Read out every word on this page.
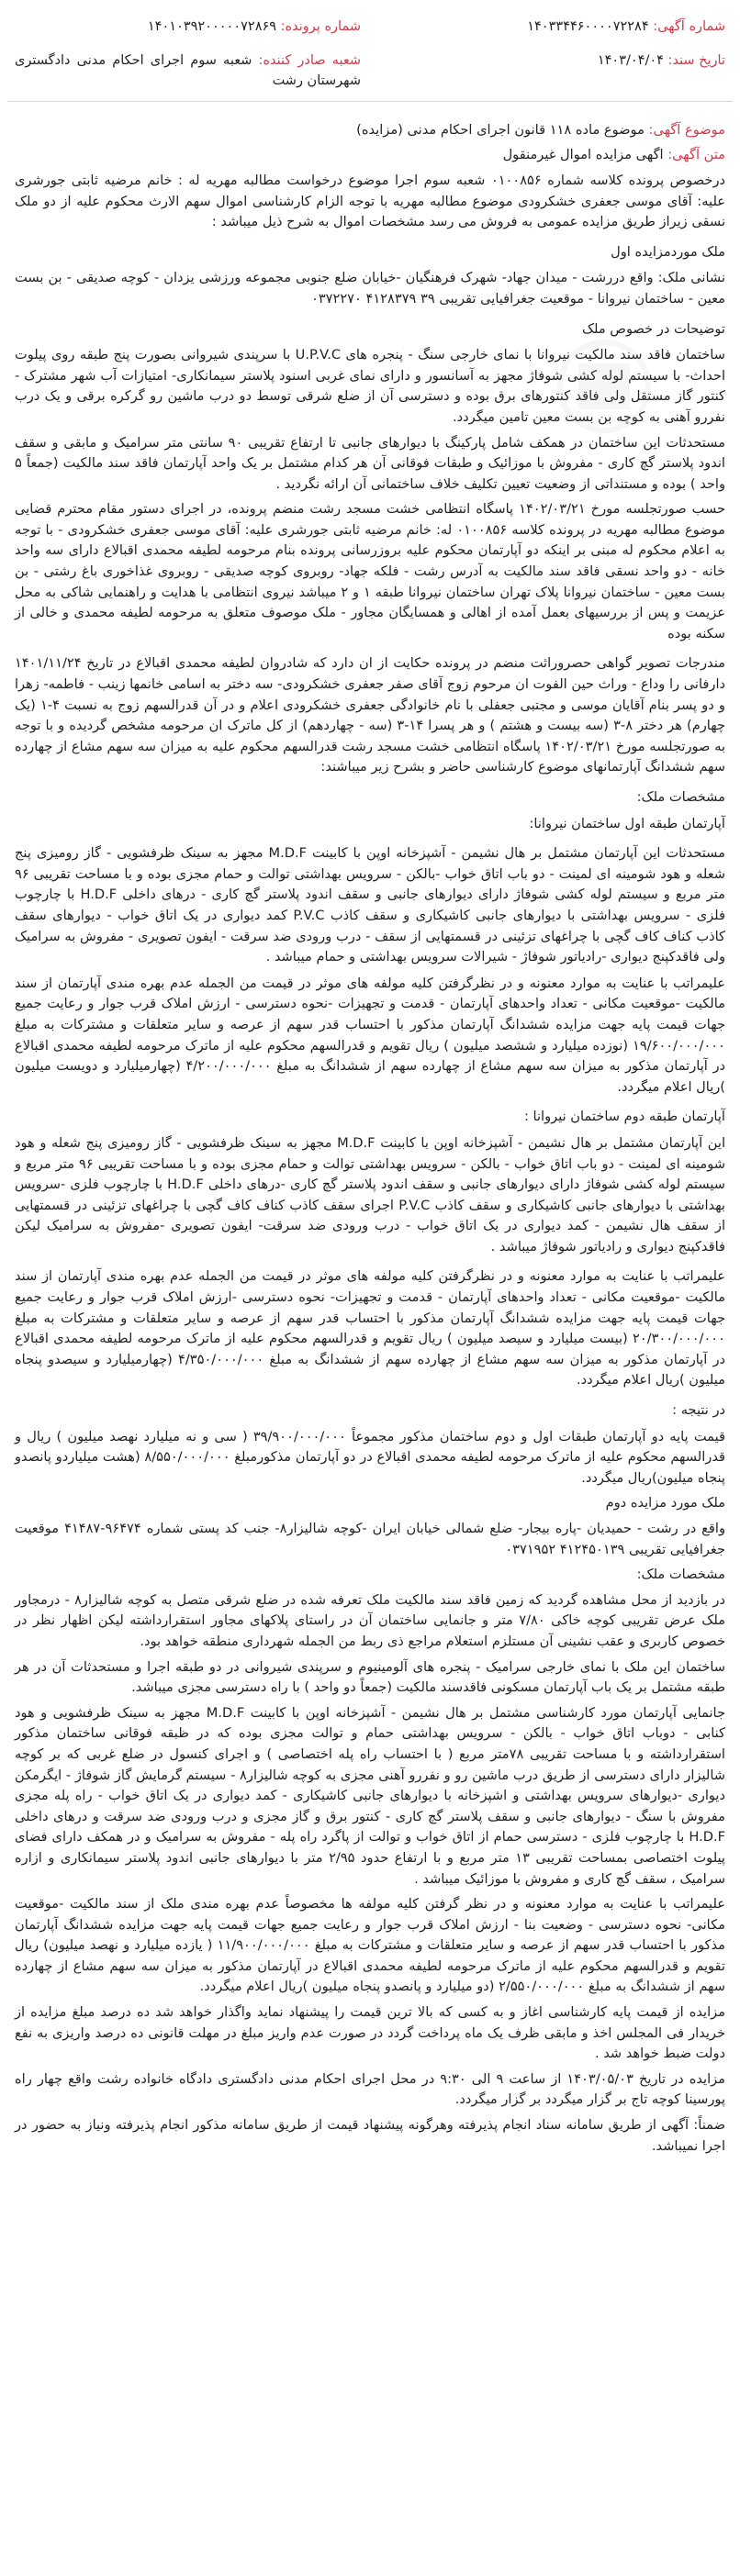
شماره آگهی: ۱۴۰۳۳۴۴۶۰۰۰۰۷۲۲۸۴
شماره پرونده: ۱۴۰۱۰۳۹۲۰۰۰۰۰۷۲۸۶۹
تاریخ سند: ۱۴۰۳/۰۴/۰۴
شعبه صادر کننده: شعبه سوم اجرای احکام مدنی دادگستری شهرستان رشت

موضوع آگهی: موضوع ماده ۱۱۸ قانون اجرای احکام مدنی (مزایده)

متن آگهی: اگهی مزایده اموال غیرمنقول

درخصوص پرونده کلاسه شماره ۰۱۰۰۸۵۶ شعبه سوم اجرا موضوع درخواست مطالبه مهریه له : خانم مرضیه ثابتی جورشری علیه: آقای موسی جعفری خشکرودی موضوع مطالبه مهریه با توجه الزام کارشناسی اموال سهم الارث محکوم علیه از دو ملک نسقی زیراز طریق مزایده عمومی به فروش می رسد مشخصات اموال به شرح ذیل میباشد :

ملک موردمزایده اول

نشانی ملک: واقع دررشت - میدان جهاد- شهرک فرهنگیان -خیابان ضلع جنوبی مجموعه ورزشی یزدان - کوچه صدیقی - بن بست معین - ساختمان نیروانا - موقعیت جغرافیایی تقریبی ۳۹ ۴۱۲۸۳۷۹ ۰۳۷۲۲۷۰

توضیحات در خصوص ملک

ساختمان فاقد سند مالکیت نیروانا با نمای خارجی سنگ - پنجره های U.P.V.C با سرپندی شیروانی بصورت پنج طبقه روی پیلوت احداث- با سیستم لوله کشی شوفاژ مجهز به آسانسور و دارای نمای غربی اسنود پلاستر سیمانکاری- امتیازات آب شهر مشترک - کنتور گاز مستقل ولی فاقد کنتورهای برق بوده و دسترسی آن از ضلع شرقی توسط دو درب ماشین رو گرکره برقی و یک درب نفررو آهنی به کوچه بن بست معین تامین میگردد.

مستحدثات این ساختمان در همکف شامل پارکینگ با دیوارهای جانبی تا ارتفاع تقریبی ۹۰ سانتی متر سرامیک و مابقی و سقف اندود پلاستر گچ کاری - مفروش با موزائیک و طبقات فوقانی آن هر کدام مشتمل بر یک واحد آپارتمان فاقد سند مالکیت (جمعاً ۵ واحد ) بوده و مستنداتی از وضعیت تعیین تکلیف خلاف ساختمانی آن ارائه نگردید .

حسب صورتجلسه مورخ ۱۴۰۲/۰۳/۲۱ پاسگاه انتظامی خشت مسجد رشت منضم پرونده، در اجرای دستور مقام محترم قضایی موضوع مطالبه مهریه در پرونده کلاسه ۰۱۰۰۸۵۶ له: خانم مرضیه ثابتی جورشری علیه: آقای موسی جعفری خشکرودی - با توجه به اعلام محکوم له مبنی بر اینکه دو آپارتمان محکوم علیه بروزرسانی پرونده بنام مرحومه لطیفه محمدی اقبالاع دارای سه واحد خانه - دو واحد نسقی فاقد سند مالکیت به آدرس رشت - فلکه جهاد- روبروی کوچه صدیقی - روبروی غذاخوری باغ رشتی - بن بست معین - ساختمان نیروانا پلاک تهران ساختمان نیروانا طبقه ۱ و ۲ میباشد نیروی انتظامی با هدایت و راهنمایی شاکی به محل عزیمت و پس از بررسیهای بعمل آمده از اهالی و همسایگان مجاور - ملک موصوف متعلق به مرحومه لطیفه محمدی و خالی از سکنه بوده

مندرجات تصویر گواهی حصروراثت منضم در پرونده حکایت از ان دارد که شادروان لطیفه محمدی اقبالاع در تاریخ ۱۴۰۱/۱۱/۲۴ دارفانی را وداع - وراث حین الفوت ان مرحوم زوج آقای صفر جعفری خشکرودی- سه دختر به اسامی خانمها زینب - فاطمه- زهرا و دو پسر بنام آقایان موسی و مجتبی جعفلی با نام خانوادگی جعفری خشکرودی اعلام و در آن قدرالسهم زوج به نسبت ۴-۱ (یک چهارم) هر دختر ۸-۳ (سه بیست و هشتم ) و هر پسرا ۱۴-۳ (سه - چهاردهم) از کل ماترک ان مرحومه مشخص گردیده و با توجه به صورتجلسه مورخ ۱۴۰۲/۰۳/۲۱ پاسگاه انتظامی خشت مسجد رشت قدرالسهم محکوم علیه به میزان سه سهم مشاع از چهارده سهم ششدانگ آپارتمانهای موضوع کارشناسی حاضر و بشرح زیر میباشند:

مشخصات ملک:

آپارتمان طبقه اول ساختمان نیروانا:

مستحدثات این آپارتمان مشتمل بر هال نشیمن - آشپزخانه اوپن با کابینت M.D.F مجهز به سینک ظرفشویی - گاز رومیزی پنج شعله و هود شومینه ای لمینت - دو باب اتاق خواب -بالکن - سرویس بهداشتی توالت و حمام مجزی بوده و با مساحت تقریبی ۹۶ متر مربع و سیستم لوله کشی شوفاژ دارای دیوارهای جانبی و سقف اندود پلاستر گچ کاری - درهای داخلی H.D.F با چارچوب فلزی - سرویس بهداشتی با دیوارهای جانبی کاشیکاری و سقف کاذب P.V.C کمد دیواری در یک اتاق خواب - دیوارهای سقف کاذب کناف کاف گچی با چراغهای تزئینی در قسمتهایی از سقف - درب ورودی ضد سرقت - ایفون تصویری - مفروش به سرامیک ولی فاقدکپنج دیواری -رادیاتور شوفاژ - شیرالات سرویس بهداشتی و حمام میباشد .

علیمراتب با عنایت به موارد معنونه و در نظرگرفتن کلیه مولفه های موثر در قیمت من الجمله عدم بهره مندی آپارتمان از سند مالکیت -موقعیت مکانی - تعداد واحدهای آپارتمان - قدمت و تجهیزات -نحوه دسترسی - ارزش املاک قرب جوار و رعایت جمیع جهات قیمت پایه جهت مزایده ششدانگ آپارتمان مذکور با احتساب قدر سهم از عرصه و سایر متعلقات و مشترکات به مبلغ ۱۹/۶۰۰/۰۰۰/۰۰۰ (نوزده میلیارد و ششصد میلیون ) ریال تقویم و قدرالسهم محکوم علیه از ماترک مرحومه لطیفه محمدی اقبالاع در آپارتمان مذکور به میزان سه سهم مشاع از چهارده سهم از ششدانگ به مبلغ ۴/۲۰۰/۰۰۰/۰۰۰ (چهارمیلیارد و دویست میلیون )ریال اعلام میگردد.

آپارتمان طبقه دوم ساختمان نیروانا :

این آپارتمان مشتمل بر هال نشیمن - آشپزخانه اوپن با کابینت M.D.F مجهز به سینک ظرفشویی - گاز رومیزی پنج شعله و هود شومینه ای لمینت - دو باب اتاق خواب - بالکن - سرویس بهداشتی توالت و حمام مجزی بوده و با مساحت تقریبی ۹۶ متر مربع و سیستم لوله کشی شوفاژ دارای دیوارهای جانبی و سقف اندود پلاستر گچ کاری -درهای داخلی H.D.F با چارچوب فلزی -سرویس بهداشتی با دیوارهای جانبی کاشیکاری و سقف کاذب P.V.C اجرای سقف کاذب کناف کاف گچی با چراغهای تزئینی در قسمتهایی از سقف هال نشیمن - کمد دیواری در یک اتاق خواب - درب ورودی ضد سرقت- ایفون تصویری -مفروش به سرامیک لیکن فاقدکپنج دیواری و رادیاتور شوفاژ میباشد .

علیمراتب با عنایت به موارد معنونه و در نظرگرفتن کلیه مولفه های موثر در قیمت من الجمله عدم بهره مندی آپارتمان از سند مالکیت -موقعیت مکانی - تعداد واحدهای آپارتمان - قدمت و تجهیزات- نحوه دسترسی -ارزش املاک قرب جوار و رعایت جمیع جهات قیمت پایه جهت مزایده ششدانگ آپارتمان مذکور با احتساب قدر سهم از عرصه و سایر متعلقات و مشترکات به مبلغ ۲۰/۳۰۰/۰۰۰/۰۰۰ (بیست میلیارد و سیصد میلیون ) ریال تقویم و قدرالسهم محکوم علیه از ماترک مرحومه لطیفه محمدی اقبالاع در آپارتمان مذکور به میزان سه سهم مشاع از چهارده سهم از ششدانگ به مبلغ ۴/۳۵۰/۰۰۰/۰۰۰ (چهارمیلیارد و سیصدو پنجاه میلیون )ریال اعلام میگردد.

در نتیجه :

قیمت پایه دو آپارتمان طبقات اول و دوم ساختمان مذکور مجموعاً ۳۹/۹۰۰/۰۰۰/۰۰۰ ( سی و نه میلیارد نهصد میلیون ) ریال و قدرالسهم محکوم علیه از ماترک مرحومه لطیفه محمدی اقبالاع در دو آپارتمان مذکورمبلغ ۸/۵۵۰/۰۰۰/۰۰۰ (هشت میلیاردو پانصدو پنجاه میلیون)ریال میگردد.

ملک مورد مزایده دوم

واقع در رشت - حمیدیان -پاره بیجار- ضلع شمالی خیابان ایران -کوچه شالیزار۸- جنب کد پستی شماره ۹۶۴۷۴-۴۱۴۸۷ موقعیت جغرافیایی تقریبی ۴۱۲۴۵۰۱۳۹ ۰۳۷۱۹۵۲

مشخصات ملک:

در بازدید از محل مشاهده گردید که زمین فاقد سند مالکیت ملک تعرفه شده در ضلع شرقی متصل به کوچه شالیزار۸ - درمجاور ملک عرض تقریبی کوچه خاکی ۷/۸۰ متر و جانمایی ساختمان آن در راستای پلاکهای مجاور استقرارداشته لیکن اظهار نظر در خصوص کاربری و عقب نشینی آن مستلزم استعلام مراجع ذی ربط من الجمله شهرداری منطقه خواهد بود.

ساختمان این ملک با نمای خارجی سرامیک - پنجره های آلومینیوم و سرپندی شیروانی در دو طبقه اجرا و مستحدثات آن در هر طبقه مشتمل بر یک باب آپارتمان مسکونی فاقدسند مالکیت (جمعاً دو واحد ) با راه دسترسی مجزی میباشد.

جانمایی آپارتمان مورد کارشناسی مشتمل بر هال نشیمن - آشپزخانه اوپن با کابینت M.D.F مجهز به سینک ظرفشویی و هود کنابی - دوباب اتاق خواب - بالکن - سرویس بهداشتی حمام و توالت مجزی بوده که در ظبقه فوقانی ساختمان مذکور استقرارداشته و با مساحت تقریبی ۷۸متر مربع ( با احتساب راه پله اختصاصی ) و اجرای کنسول در ضلع غربی که بر کوچه شالیزار دارای دسترسی از طریق درب ماشین رو و نفررو آهنی مجزی به کوچه شالیزار۸ - سیستم گرمایش گاز شوفاژ - ایگرمکن دیواری -دیوارهای سرویس بهداشتی و اشپزخانه با دیوارهای جانبی کاشیکاری - کمد دیواری در یک اتاق خواب - راه پله مجزی مفروش با سنگ - دیوارهای جانبی و سقف پلاستر گچ کاری - کنتور برق و گاز مجزی و درب ورودی ضد سرقت و درهای داخلی H.D.F با چارچوب فلزی - دسترسی حمام از اتاق خواب و توالت از پاگرد راه پله - مفروش به سرامیک و در همکف دارای فضای پیلوت اختصاصی بمساحت تقریبی ۱۳ متر مربع و با ارتفاع حدود ۲/۹۵ متر با دیوارهای جانبی اندود پلاستر سیمانکاری و ازاره سرامیک ، سقف گچ کاری و مفروش با موزائیک میباشد .

علیمراتب با عنایت به موارد معنونه و در نظر گرفتن کلیه مولفه ها مخصوصاً عدم بهره مندی ملک از سند مالکیت -موقعیت مکانی- نحوه دسترسی - وضعیت بنا - ارزش املاک قرب جوار و رعایت جمیع جهات قیمت پایه جهت مزایده ششدانگ آپارتمان مذکور با احتساب قدر سهم از عرصه و سایر متعلقات و مشترکات به مبلغ ۱۱/۹۰۰/۰۰۰/۰۰۰ ( یازده میلیارد و نهصد میلیون) ریال تقویم و قدرالسهم محکوم علیه از ماترک مرحومه لطیفه محمدی اقبالاع در آپارتمان مذکور به میزان سه سهم مشاع از چهارده سهم از ششدانگ به مبلغ ۲/۵۵۰/۰۰۰/۰۰۰ (دو میلیارد و پانصدو پنجاه میلیون )ریال اعلام میگردد.

مزایده از قیمت پایه کارشناسی اغاز و به کسی که بالا ترین قیمت را پیشنهاد نماید واگذار خواهد شد ده درصد مبلغ مزایده از خریدار فی المجلس اخذ و مابقی ظرف یک ماه پرداخت گردد در صورت عدم واریز مبلغ در مهلت قانونی ده درصد واریزی به نفع دولت ضبط خواهد شد .

مزایده در تاریخ ۱۴۰۳/۰۵/۰۳ از ساعت ۹ الی ۹:۳۰ در محل اجرای احکام مدنی دادگستری دادگاه خانواده رشت واقع چهار راه پورسینا کوچه تاج بر گزار میگردد بر گزار میگردد.

ضمناً: آگهی از طریق سامانه سناد انجام پذیرفته وهرگونه پیشنهاد قیمت از طریق سامانه مذکور انجام پذیرفته ونیاز به حضور در اجرا نمیباشد.
